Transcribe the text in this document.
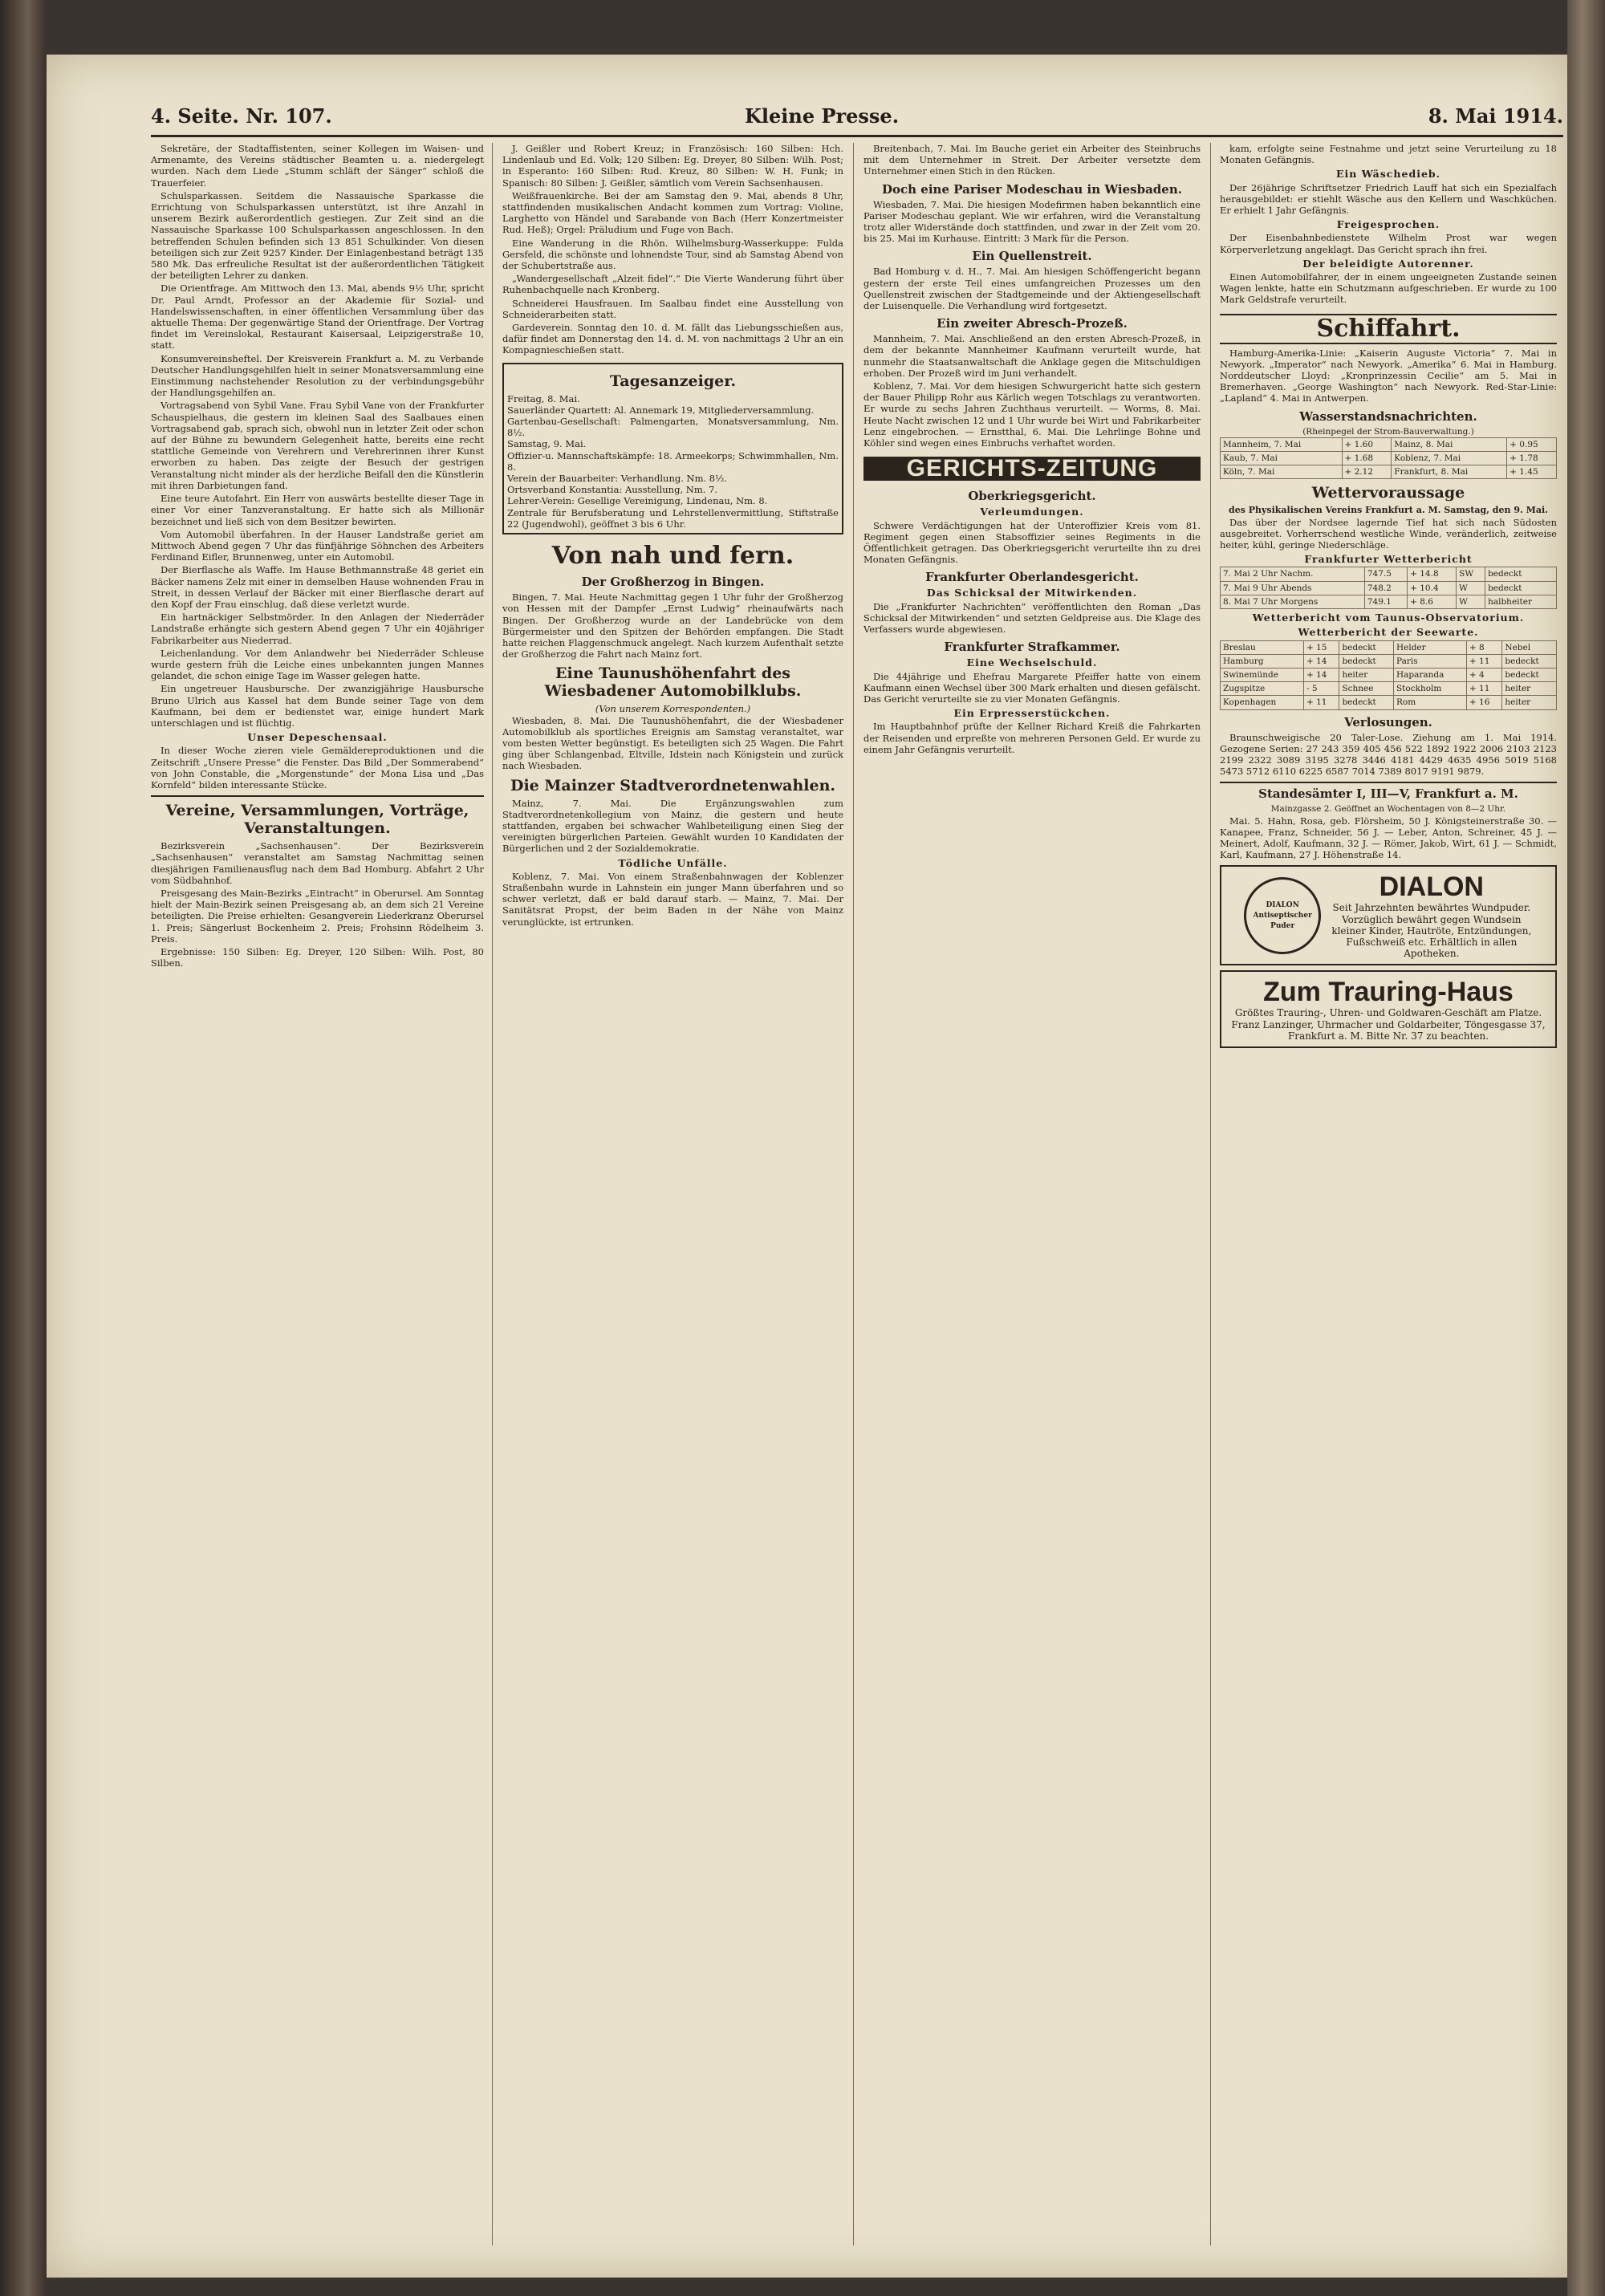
4. Seite. Nr. 107.	Kleine Presse.	8. Mai 1914.

Sekretäre, der Stadtaffistenten, seiner Kollegen im Waisen- und Armenamte, des Vereins städtischer Beamten u. a. niedergelegt wurden. Nach dem Liede „Stumm schläft der Sänger“ schloß die Trauerfeier.

Schulsparkassen. Seitdem die Nassauische Sparkasse die Errichtung von Schulsparkassen unterstützt, ist ihre Anzahl in unserem Bezirk außerordentlich gestiegen. Zur Zeit sind an die Nassauische Sparkasse 100 Schulsparkassen angeschlossen. In den betreffenden Schulen befinden sich 13 851 Schulkinder. Von diesen beteiligen sich zur Zeit 9257 Kinder. Der Einlagenbestand beträgt 135 580 Mk. Das erfreuliche Resultat ist der außerordentlichen Tätigkeit der beteiligten Lehrer zu danken.

Die Orientfrage. Am Mittwoch den 13. Mai, abends 9½ Uhr, spricht Dr. Paul Arndt, Professor an der Akademie für Sozial- und Handelswissenschaften, in einer öffentlichen Versammlung über das aktuelle Thema: Der gegenwärtige Stand der Orientfrage. Der Vortrag findet im Vereinslokal, Restaurant Kaisersaal, Leipzigerstraße 10, statt.

Konsumvereinsheftel. Der Kreisverein Frankfurt a. M. zu Verbande Deutscher Handlungsgehilfen hielt in seiner Monatsversammlung eine Einstimmung nachstehender Resolution zu der verbindungsgebühr der Handlungsgehilfen an.

Vortragsabend von Sybil Vane. Frau Sybil Vane von der Frankfurter Schauspielhaus, die gestern im kleinen Saal des Saalbaues einen Vortragsabend gab, sprach sich, obwohl nun in letzter Zeit oder schon auf der Bühne zu bewundern Gelegenheit hatte, bereits eine recht stattliche Gemeinde von Verehrern und Verehrerinnen ihrer Kunst erworben zu haben. Das zeigte der Besuch der gestrigen Veranstaltung nicht minder als der herzliche Beifall den die Künstlerin mit ihren Darbietungen fand.

Eine teure Autofahrt. Ein Herr von auswärts bestellte dieser Tage in einer Vor einer Tanzveranstaltung. Er hatte sich als Millionär bezeichnet und ließ sich von dem Besitzer bewirten.

Vom Automobil überfahren. In der Hauser Landstraße geriet am Mittwoch Abend gegen 7 Uhr das fünfjährige Söhnchen des Arbeiters Ferdinand Eifler, Brunnenweg, unter ein Automobil.

Der Bierflasche als Waffe. Im Hause Bethmannstraße 48 geriet ein Bäcker namens Zelz mit einer in demselben Hause wohnenden Frau in Streit, in dessen Verlauf der Bäcker mit einer Bierflasche derart auf den Kopf der Frau einschlug, daß diese verletzt wurde.

Ein hartnäckiger Selbstmörder. In den Anlagen der Niederräder Landstraße erhängte sich gestern Abend gegen 7 Uhr ein 40jähriger Fabrikarbeiter aus Niederrad.

Leichenlandung. Vor dem Anlandwehr bei Niederräder Schleuse wurde gestern früh die Leiche eines unbekannten jungen Mannes gelandet, die schon einige Tage im Wasser gelegen hatte.

Ein ungetreuer Hausbursche. Der zwanzigjährige Hausbursche Bruno Ulrich aus Kassel hat dem Bunde seiner Tage von dem Kaufmann, bei dem er bedienstet war, einige hundert Mark unterschlagen und ist flüchtig.

Unser Depeschensaal.

In dieser Woche zieren viele Gemäldereproduktionen und die Zeitschrift „Unsere Presse“ die Fenster. Das Bild „Der Sommerabend“ von John Constable, die „Morgenstunde“ der Mona Lisa und „Das Kornfeld“ bilden interessante Stücke.

Vereine, Versammlungen, Vorträge, Veranstaltungen.

Bezirksverein „Sachsenhausen“. Der Bezirksverein „Sachsenhausen“ veranstaltet am Samstag Nachmittag seinen diesjährigen Familienausflug nach dem Bad Homburg. Abfahrt 2 Uhr vom Südbahnhof.

Preisgesang des Main-Bezirks „Eintracht“ in Oberursel. Am Sonntag hielt der Main-Bezirk seinen Preisgesang ab, an dem sich 21 Vereine beteiligten. Die Preise erhielten: Gesangverein Liederkranz Oberursel 1. Preis; Sängerlust Bockenheim 2. Preis; Frohsinn Rödelheim 3. Preis.

Ergebnisse: 150 Silben: Eg. Dreyer, 120 Silben: Wilh. Post, 80 Silben.

J. Geißler und Robert Kreuz; in Französisch: 160 Silben: Hch. Lindenlaub und Ed. Volk; 120 Silben: Eg. Dreyer, 80 Silben: Wilh. Post; in Esperanto: 160 Silben: Rud. Kreuz, 80 Silben: W. H. Funk; in Spanisch: 80 Silben: J. Geißler, sämtlich vom Verein Sachsenhausen.

Weißfrauenkirche. Bei der am Samstag den 9. Mai, abends 8 Uhr, stattfindenden musikalischen Andacht kommen zum Vortrag: Violine, Larghetto von Händel und Sarabande von Bach (Herr Konzertmeister Rud. Heß); Orgel: Präludium und Fuge von Bach.

Eine Wanderung in die Rhön. Wilhelmsburg-Wasserkuppe: Fulda Gersfeld, die schönste und lohnendste Tour, sind ab Samstag Abend von der Schubertstraße aus.

„Wandergesellschaft „Alzeit fidel“.“ Die Vierte Wanderung führt über Ruhenbachquelle nach Kronberg.

Schneiderei Hausfrauen. Im Saalbau findet eine Ausstellung von Schneiderarbeiten statt.

Gardeverein. Sonntag den 10. d. M. fällt das Liebungsschießen aus, dafür findet am Donnerstag den 14. d. M. von nachmittags 2 Uhr an ein Kompagnieschießen statt.

Tagesanzeiger.
Freitag, 8. Mai.
Sauerländer Quartett: Al. Annemark 19, Mitgliederversammlung.
Gartenbau-Gesellschaft: Palmengarten, Monatsversammlung, Nm. 8½.
Samstag, 9. Mai.
Offizier-u. Mannschaftskämpfe: 18. Armeekorps; Schwimmhallen, Nm. 8.
Verein der Bauarbeiter: Verhandlung. Nm. 8½.
Ortsverband Konstantia: Ausstellung, Nm. 7.
Lehrer-Verein: Gesellige Vereinigung, Lindenau, Nm. 8.
Zentrale für Berufsberatung und Lehrstellenvermittlung, Stiftstraße 22 (Jugendwohl), geöffnet 3 bis 6 Uhr.
Von nah und fern.
Der Großherzog in Bingen.

Bingen, 7. Mai. Heute Nachmittag gegen 1 Uhr fuhr der Großherzog von Hessen mit der Dampfer „Ernst Ludwig“ rheinaufwärts nach Bingen. Der Großherzog wurde an der Landebrücke von dem Bürgermeister und den Spitzen der Behörden empfangen. Die Stadt hatte reichen Flaggenschmuck angelegt. Nach kurzem Aufenthalt setzte der Großherzog die Fahrt nach Mainz fort.

Eine Taunushöhenfahrt des Wiesbadener Automobilklubs.
(Von unserem Korrespondenten.)

Wiesbaden, 8. Mai. Die Taunushöhenfahrt, die der Wiesbadener Automobilklub als sportliches Ereignis am Samstag veranstaltet, war vom besten Wetter begünstigt. Es beteiligten sich 25 Wagen. Die Fahrt ging über Schlangenbad, Eltville, Idstein nach Königstein und zurück nach Wiesbaden.

Die Mainzer Stadtverordnetenwahlen.

Mainz, 7. Mai. Die Ergänzungswahlen zum Stadtverordnetenkollegium von Mainz, die gestern und heute stattfanden, ergaben bei schwacher Wahlbeteiligung einen Sieg der vereinigten bürgerlichen Parteien. Gewählt wurden 10 Kandidaten der Bürgerlichen und 2 der Sozialdemokratie.

Tödliche Unfälle.

Koblenz, 7. Mai. Von einem Straßenbahnwagen der Koblenzer Straßenbahn wurde in Lahnstein ein junger Mann überfahren und so schwer verletzt, daß er bald darauf starb. — Mainz, 7. Mai. Der Sanitätsrat Propst, der beim Baden in der Nähe von Mainz verunglückte, ist ertrunken.

Breitenbach, 7. Mai. Im Bauche geriet ein Arbeiter des Steinbruchs mit dem Unternehmer in Streit. Der Arbeiter versetzte dem Unternehmer einen Stich in den Rücken.

Doch eine Pariser Modeschau in Wiesbaden.

Wiesbaden, 7. Mai. Die hiesigen Modefirmen haben bekanntlich eine Pariser Modeschau geplant. Wie wir erfahren, wird die Veranstaltung trotz aller Widerstände doch stattfinden, und zwar in der Zeit vom 20. bis 25. Mai im Kurhause. Eintritt: 3 Mark für die Person.

Ein Quellenstreit.

Bad Homburg v. d. H., 7. Mai. Am hiesigen Schöffengericht begann gestern der erste Teil eines umfangreichen Prozesses um den Quellenstreit zwischen der Stadtgemeinde und der Aktiengesellschaft der Luisenquelle. Die Verhandlung wird fortgesetzt.

Ein zweiter Abresch-Prozeß.

Mannheim, 7. Mai. Anschließend an den ersten Abresch-Prozeß, in dem der bekannte Mannheimer Kaufmann verurteilt wurde, hat nunmehr die Staatsanwaltschaft die Anklage gegen die Mitschuldigen erhoben. Der Prozeß wird im Juni verhandelt.

Koblenz, 7. Mai. Vor dem hiesigen Schwurgericht hatte sich gestern der Bauer Philipp Rohr aus Kärlich wegen Totschlags zu verantworten. Er wurde zu sechs Jahren Zuchthaus verurteilt. — Worms, 8. Mai. Heute Nacht zwischen 12 und 1 Uhr wurde bei Wirt und Fabrikarbeiter Lenz eingebrochen. — Ernstthal, 6. Mai. Die Lehrlinge Bohne und Köhler sind wegen eines Einbruchs verhaftet worden.

GERICHTS-ZEITUNG
Oberkriegsgericht.
Verleumdungen.

Schwere Verdächtigungen hat der Unteroffizier Kreis vom 81. Regiment gegen einen Stabsoffizier seines Regiments in die Öffentlichkeit getragen. Das Oberkriegsgericht verurteilte ihn zu drei Monaten Gefängnis.

Frankfurter Oberlandesgericht.
Das Schicksal der Mitwirkenden.

Die „Frankfurter Nachrichten“ veröffentlichten den Roman „Das Schicksal der Mitwirkenden“ und setzten Geldpreise aus. Die Klage des Verfassers wurde abgewiesen.

Frankfurter Strafkammer.
Eine Wechselschuld.

Die 44jährige und Ehefrau Margarete Pfeiffer hatte von einem Kaufmann einen Wechsel über 300 Mark erhalten und diesen gefälscht. Das Gericht verurteilte sie zu vier Monaten Gefängnis.

Ein Erpresserstückchen.

Im Hauptbahnhof prüfte der Kellner Richard Kreiß die Fahrkarten der Reisenden und erpreßte von mehreren Personen Geld. Er wurde zu einem Jahr Gefängnis verurteilt.

kam, erfolgte seine Festnahme und jetzt seine Verurteilung zu 18 Monaten Gefängnis.

Ein Wäschedieb.

Der 26jährige Schriftsetzer Friedrich Lauff hat sich ein Spezialfach herausgebildet: er stiehlt Wäsche aus den Kellern und Waschküchen. Er erhielt 1 Jahr Gefängnis.

Freigesprochen.

Der Eisenbahnbedienstete Wilhelm Prost war wegen Körperverletzung angeklagt. Das Gericht sprach ihn frei.

Der beleidigte Autorenner.

Einen Automobilfahrer, der in einem ungeeigneten Zustande seinen Wagen lenkte, hatte ein Schutzmann aufgeschrieben. Er wurde zu 100 Mark Geldstrafe verurteilt.

Schiffahrt.

Hamburg-Amerika-Linie: „Kaiserin Auguste Victoria“ 7. Mai in Newyork. „Imperator“ nach Newyork. „Amerika“ 6. Mai in Hamburg. Norddeutscher Lloyd: „Kronprinzessin Cecilie“ am 5. Mai in Bremerhaven. „George Washington“ nach Newyork. Red-Star-Linie: „Lapland“ 4. Mai in Antwerpen.

Wasserstandsnachrichten.
(Rheinpegel der Strom-Bauverwaltung.)
Mannheim, 7. Mai	+ 1.60	Mainz, 8. Mai	+ 0.95
Kaub, 7. Mai	+ 1.68	Koblenz, 7. Mai	+ 1.78
Köln, 7. Mai	+ 2.12	Frankfurt, 8. Mai	+ 1.45
Wettervoraussage
des Physikalischen Vereins Frankfurt a. M. Samstag, den 9. Mai.

Das über der Nordsee lagernde Tief hat sich nach Südosten ausgebreitet. Vorherrschend westliche Winde, veränderlich, zeitweise heiter, kühl, geringe Niederschläge.

Frankfurter Wetterbericht
7. Mai 2 Uhr Nachm.	747.5	+ 14.8	SW	bedeckt
7. Mai 9 Uhr Abends	748.2	+ 10.4	W	bedeckt
8. Mai 7 Uhr Morgens	749.1	+ 8.6	W	halbheiter
Wetterbericht vom Taunus-Observatorium.
Wetterbericht der Seewarte.
Breslau	+ 15	bedeckt	Helder	+ 8	Nebel
Hamburg	+ 14	bedeckt	Paris	+ 11	bedeckt
Swinemünde	+ 14	heiter	Haparanda	+ 4	bedeckt
Zugspitze	- 5	Schnee	Stockholm	+ 11	heiter
Kopenhagen	+ 11	bedeckt	Rom	+ 16	heiter
Verlosungen.

Braunschweigische 20 Taler-Lose. Ziehung am 1. Mai 1914. Gezogene Serien: 27 243 359 405 456 522 1892 1922 2006 2103 2123 2199 2322 3089 3195 3278 3446 4181 4429 4635 4956 5019 5168 5473 5712 6110 6225 6587 7014 7389 8017 9191 9879.

Standesämter I, III—V, Frankfurt a. M.
Mainzgasse 2. Geöffnet an Wochentagen von 8—2 Uhr.

Mai. 5. Hahn, Rosa, geb. Flörsheim, 50 J. Königsteinerstraße 30. — Kanapee, Franz, Schneider, 56 J. — Leber, Anton, Schreiner, 45 J. — Meinert, Adolf, Kaufmann, 32 J. — Römer, Jakob, Wirt, 61 J. — Schmidt, Karl, Kaufmann, 27 J. Höhenstraße 14.

DIALON Antiseptischer Puder
DIALON
Seit Jahrzehnten bewährtes Wundpuder. Vorzüglich bewährt gegen Wundsein kleiner Kinder, Hautröte, Entzündungen, Fußschweiß etc. Erhältlich in allen Apotheken.
Zum Trauring-Haus
Größtes Trauring-, Uhren- und Goldwaren-Geschäft am Platze. Franz Lanzinger, Uhrmacher und Goldarbeiter, Töngesgasse 37, Frankfurt a. M. Bitte Nr. 37 zu beachten.
